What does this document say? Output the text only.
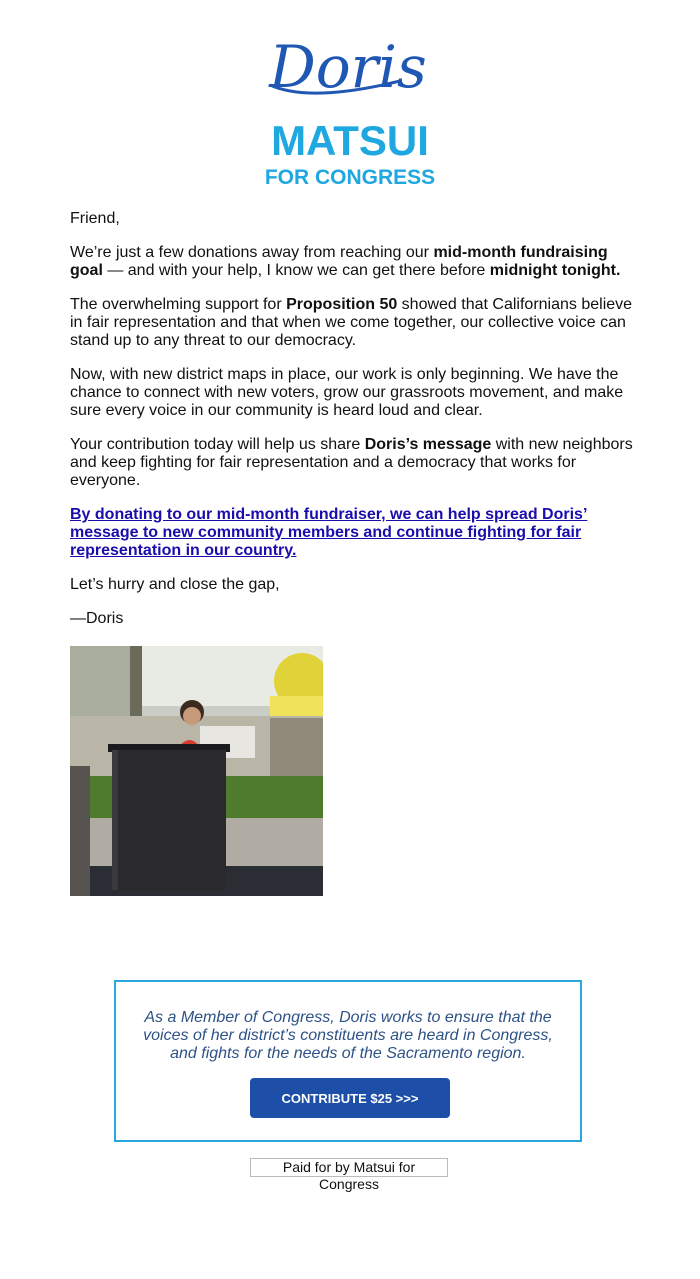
Doris
MATSUI
FOR CONGRESS

Friend,

We’re just a few donations away from reaching our mid-month fundraising goal — and with your help, I know we can get there before midnight tonight.

The overwhelming support for Proposition 50 showed that Californians believe in fair representation and that when we come together, our collective voice can stand up to any threat to our democracy.

Now, with new district maps in place, our work is only beginning. We have the chance to connect with new voters, grow our grassroots movement, and make sure every voice in our community is heard loud and clear.

Your contribution today will help us share Doris’s message with new neighbors and keep fighting for fair representation and a democracy that works for everyone.

By donating to our mid-month fundraiser, we can help spread Doris’ message to new community members and continue fighting for fair representation in our country.

Let’s hurry and close the gap,

—Doris

As a Member of Congress, Doris works to ensure that the voices of her district’s constituents are heard in Congress, and fights for the needs of the Sacramento region.
CONTRIBUTE $25 >>>
Paid for by Matsui for Congress
